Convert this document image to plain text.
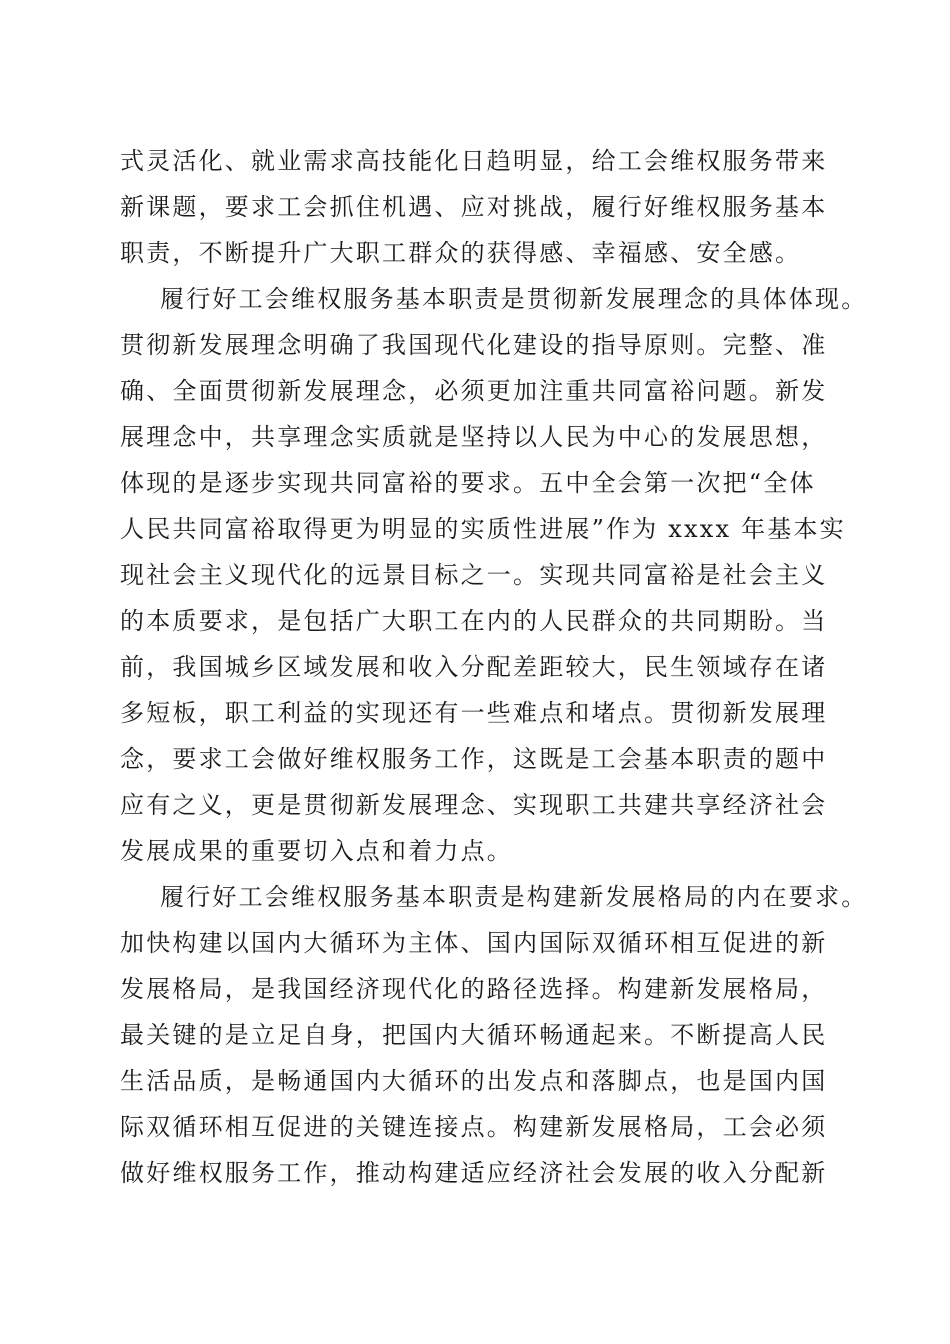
式灵活化、就业需求高技能化日趋明显，给工会维权服务带来
新课题，要求工会抓住机遇、应对挑战，履行好维权服务基本
职责，不断提升广大职工群众的获得感、幸福感、安全感。
履行好工会维权服务基本职责是贯彻新发展理念的具体体现。
贯彻新发展理念明确了我国现代化建设的指导原则。完整、准
确、全面贯彻新发展理念，必须更加注重共同富裕问题。新发
展理念中，共享理念实质就是坚持以人民为中心的发展思想，
体现的是逐步实现共同富裕的要求。五中全会第一次把“全体
人民共同富裕取得更为明显的实质性进展”作为 xxxx 年基本实
现社会主义现代化的远景目标之一。实现共同富裕是社会主义
的本质要求，是包括广大职工在内的人民群众的共同期盼。当
前，我国城乡区域发展和收入分配差距较大，民生领域存在诸
多短板，职工利益的实现还有一些难点和堵点。贯彻新发展理
念，要求工会做好维权服务工作，这既是工会基本职责的题中
应有之义，更是贯彻新发展理念、实现职工共建共享经济社会
发展成果的重要切入点和着力点。
履行好工会维权服务基本职责是构建新发展格局的内在要求。
加快构建以国内大循环为主体、国内国际双循环相互促进的新
发展格局，是我国经济现代化的路径选择。构建新发展格局，
最关键的是立足自身，把国内大循环畅通起来。不断提高人民
生活品质，是畅通国内大循环的出发点和落脚点，也是国内国
际双循环相互促进的关键连接点。构建新发展格局，工会必须
做好维权服务工作，推动构建适应经济社会发展的收入分配新
